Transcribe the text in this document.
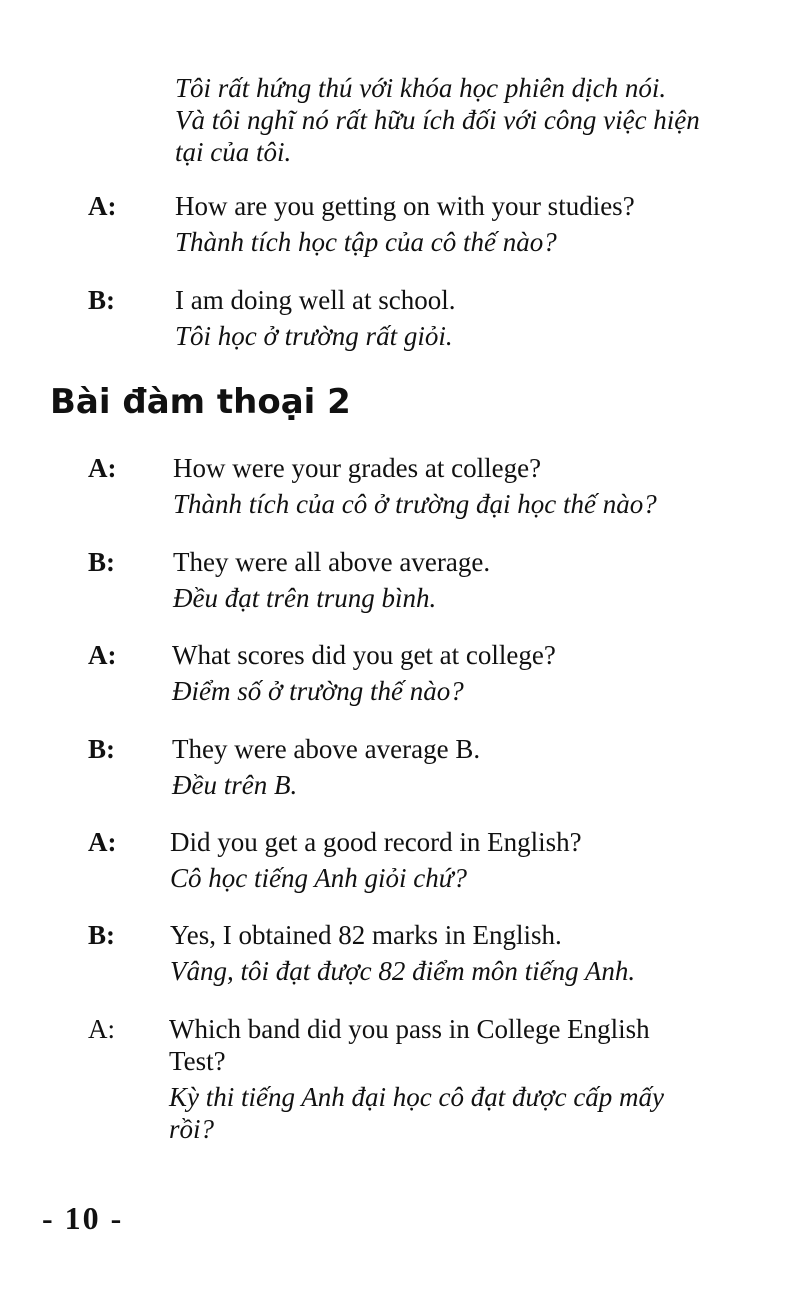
Tôi rất hứng thú với khóa học phiên dịch nói.
Và tôi nghĩ nó rất hữu ích đối với công việc hiện
tại của tôi.
A: How are you getting on with your studies?
Thành tích học tập của cô thế nào?
B: I am doing well at school.
Tôi học ở trường rất giỏi.
Bài đàm thoại 2
A: How were your grades at college?
Thành tích của cô ở trường đại học thế nào?
B: They were all above average.
Đều đạt trên trung bình.
A: What scores did you get at college?
Điểm số ở trường thế nào?
B: They were above average B.
Đều trên B.
A: Did you get a good record in English?
Cô học tiếng Anh giỏi chứ?
B: Yes, I obtained 82 marks in English.
Vâng, tôi đạt được 82 điểm môn tiếng Anh.
A: Which band did you pass in College English
Test?
Kỳ thi tiếng Anh đại học cô đạt được cấp mấy
rồi?
- 10 -
